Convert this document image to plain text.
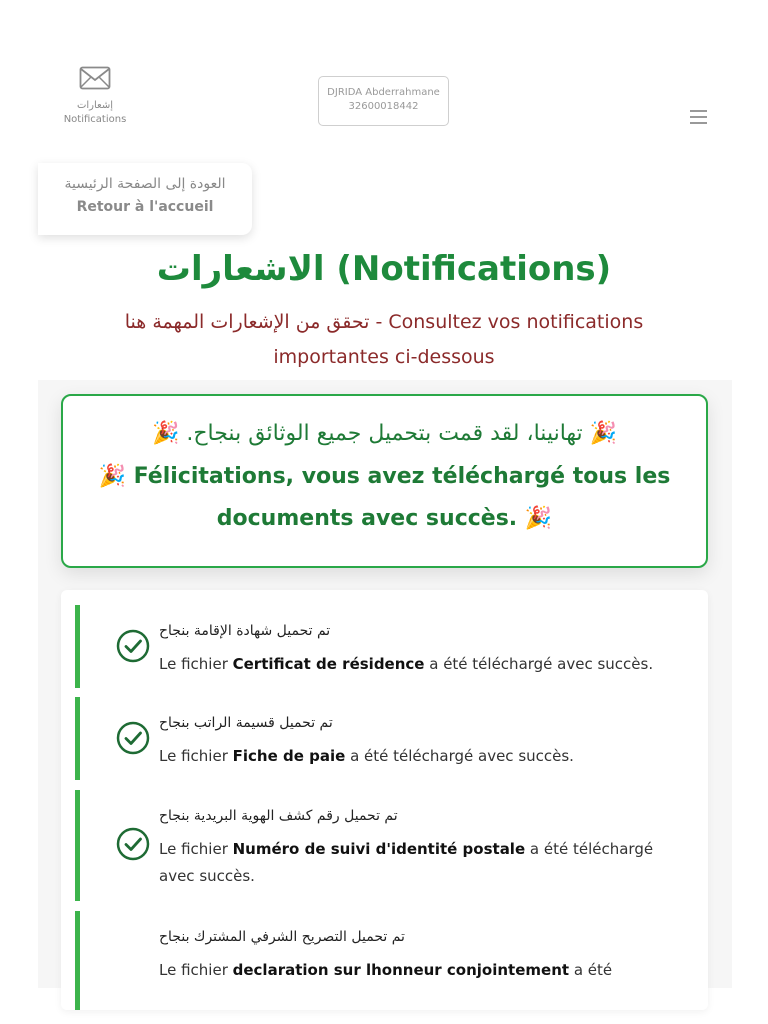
إشعارات
Notifications
DJRIDA Abderrahmane
32600018442
العودة إلى الصفحة الرئيسية
Retour à l'accueil
الاشعارات (Notifications)
تحقق من الإشعارات المهمة هنا - Consultez vos notifications importantes ci-dessous
🎉 .تهانينا، لقد قمت بتحميل جميع الوثائق بنجاح 🎉
🎉 Félicitations, vous avez téléchargé tous les documents avec succès. 🎉
تم تحميل شهادة الإقامة بنجاح
Le fichier Certificat de résidence a été téléchargé avec succès.
تم تحميل قسيمة الراتب بنجاح
Le fichier Fiche de paie a été téléchargé avec succès.
تم تحميل رقم كشف الهوية البريدية بنجاح
Le fichier Numéro de suivi d'identité postale a été téléchargé avec succès.
تم تحميل التصريح الشرفي المشترك بنجاح
Le fichier declaration sur lhonneur conjointement a été
